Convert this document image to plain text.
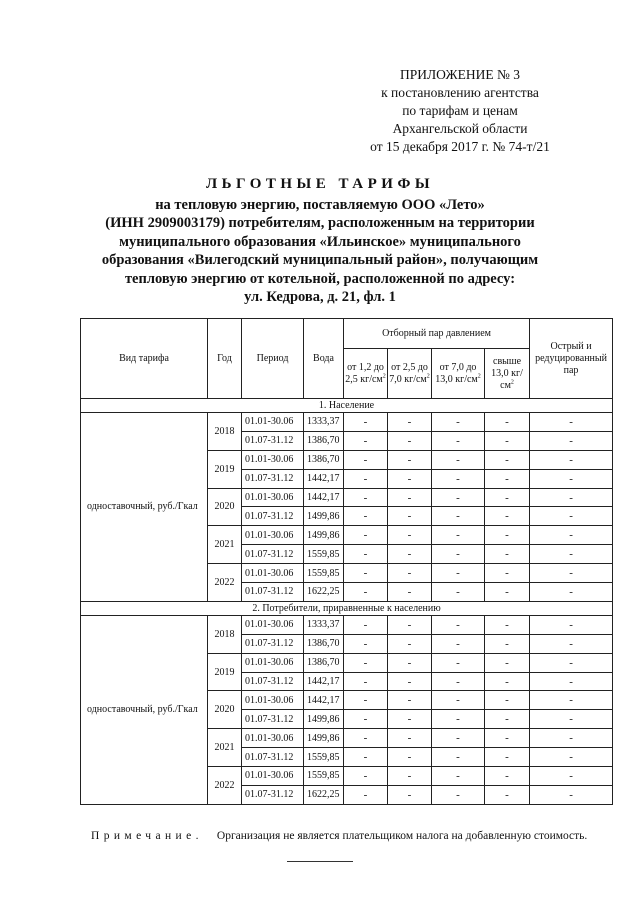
ПРИЛОЖЕНИЕ № 3
к постановлению агентства
по тарифам и ценам
Архангельской области
от 15 декабря 2017 г. № 74-т/21
ЛЬГОТНЫЕ ТАРИФЫ
на тепловую энергию, поставляемую ООО «Лето»
(ИНН 2909003179) потребителям, расположенным на территории
муниципального образования «Ильинское» муниципального
образования «Вилегодский муниципальный район», получающим
тепловую энергию от котельной, расположенной по адресу:
ул. Кедрова, д. 21, фл. 1
Вид тарифа	Год	Период	Вода	Отборный пар давлением				Острый и редуцированный пар
				от 1,2 до 2,5 $кг/см^2$	от 2,5 до 7,0 $кг/см^2$	от 7,0 до 13,0 $кг/см^2$	свыше 13,0 $кг/см^2$
1. Население								
одноставочный, руб./Гкал	2018	01.01-30.06	1333,37	-	-	-	-	-
		01.07-31.12	1386,70	-	-	-	-	-
	2019	01.01-30.06	1386,70	-	-	-	-	-
		01.07-31.12	1442,17	-	-	-	-	-
	2020	01.01-30.06	1442,17	-	-	-	-	-
		01.07-31.12	1499,86	-	-	-	-	-
	2021	01.01-30.06	1499,86	-	-	-	-	-
		01.07-31.12	1559,85	-	-	-	-	-
	2022	01.01-30.06	1559,85	-	-	-	-	-
		01.07-31.12	1622,25	-	-	-	-	-
2. Потребители, приравненные к населению								
одноставочный, руб./Гкал	2018	01.01-30.06	1333,37	-	-	-	-	-
		01.07-31.12	1386,70	-	-	-	-	-
	2019	01.01-30.06	1386,70	-	-	-	-	-
		01.07-31.12	1442,17	-	-	-	-	-
	2020	01.01-30.06	1442,17	-	-	-	-	-
		01.07-31.12	1499,86	-	-	-	-	-
	2021	01.01-30.06	1499,86	-	-	-	-	-
		01.07-31.12	1559,85	-	-	-	-	-
	2022	01.01-30.06	1559,85	-	-	-	-	-
		01.07-31.12	1622,25	-	-	-	-	-
Примечание. Организация не является плательщиком налога на добавленную стоимость.
